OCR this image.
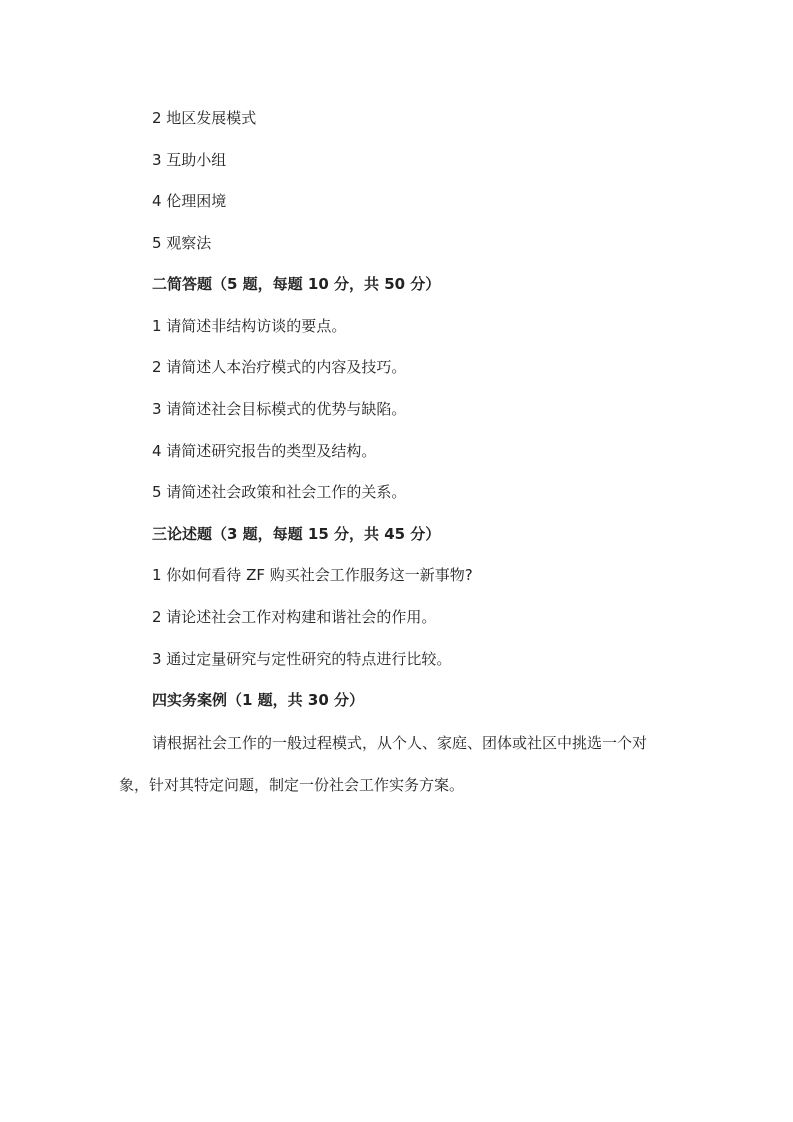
2 地区发展模式
3 互助小组
4 伦理困境
5 观察法
二简答题（5 题，每题 10 分，共 50 分）
1 请简述非结构访谈的要点。
2 请简述人本治疗模式的内容及技巧。
3 请简述社会目标模式的优势与缺陷。
4 请简述研究报告的类型及结构。
5 请简述社会政策和社会工作的关系。
三论述题（3 题，每题 15 分，共 45 分）
1 你如何看待 ZF 购买社会工作服务这一新事物?
2 请论述社会工作对构建和谐社会的作用。
3 通过定量研究与定性研究的特点进行比较。
四实务案例（1 题，共 30 分）
请根据社会工作的一般过程模式，从个人、家庭、团体或社区中挑选一个对
象，针对其特定问题，制定一份社会工作实务方案。
